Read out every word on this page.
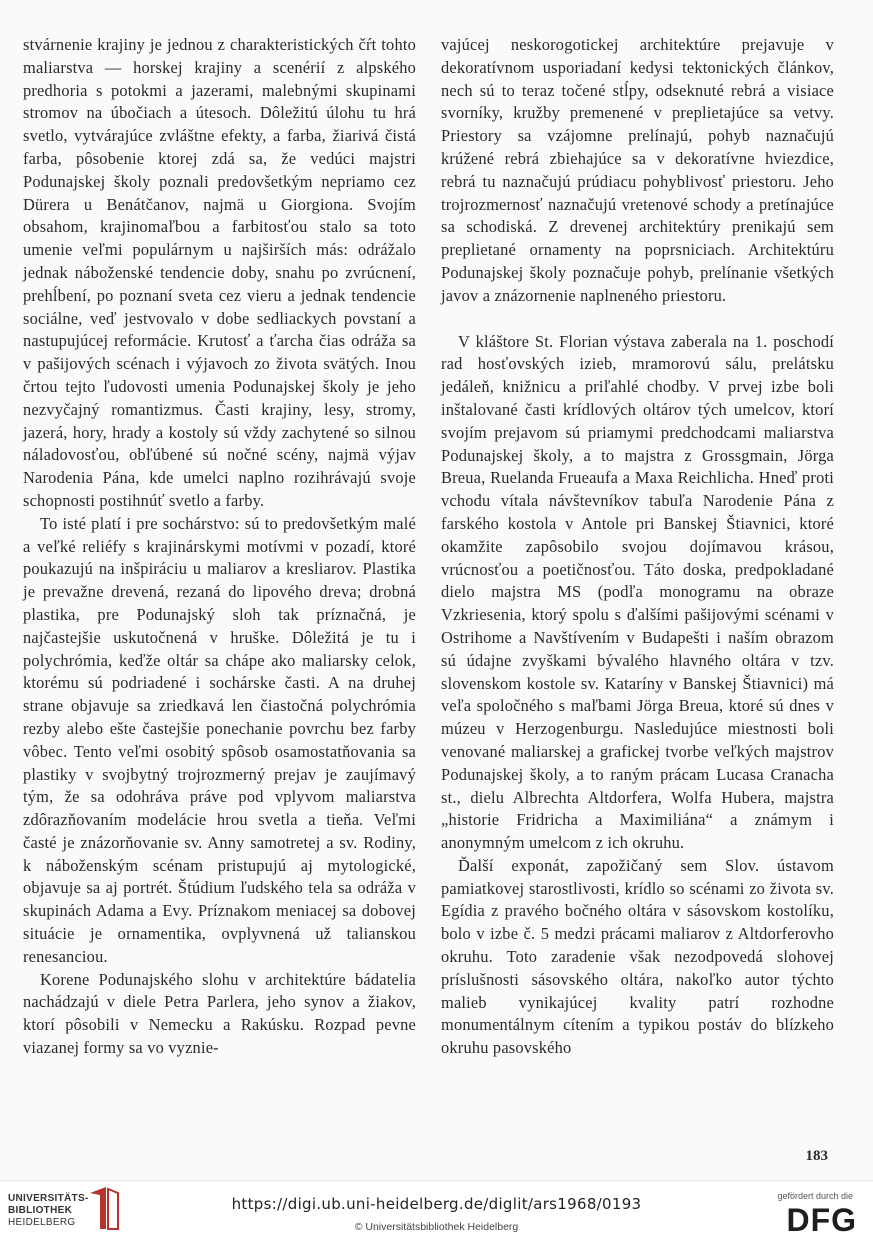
stvárnenie krajiny je jednou z charakteristických čŕt tohto maliarstva — horskej krajiny a scenérií z alpského predhoria s potokmi a jazerami, malebnými skupinami stromov na úbočiach a útesoch. Dôležitú úlohu tu hrá svetlo, vytvárajúce zvláštne efekty, a farba, žiarivá čistá farba, pôsobenie ktorej zdá sa, že vedúci majstri Podunajskej školy poznali predovšetkým nepriamo cez Dürera u Benátčanov, najmä u Giorgiona. Svojím obsahom, krajinomaľbou a farbitosťou stalo sa toto umenie veľmi populárnym u najširších más: odrážalo jednak náboženské tendencie doby, snahu po zvrúcnení, prehĺbení, po poznaní sveta cez vieru a jednak tendencie sociálne, veď jestvovalo v dobe sedliackych povstaní a nastupujúcej reformácie. Krutosť a ťarcha čias odráža sa v pašijových scénach i výjavoch zo života svätých. Inou črtou tejto ľudovosti umenia Podunajskej školy je jeho nezvyčajný romantizmus. Časti krajiny, lesy, stromy, jazerá, hory, hrady a kostoly sú vždy zachytené so silnou náladovosťou, obľúbené sú nočné scény, najmä výjav Narodenia Pána, kde umelci naplno rozihrávajú svoje schopnosti postihnúť svetlo a farby.

To isté platí i pre sochárstvo: sú to predovšetkým malé a veľké reliéfy s krajinárskymi motívmi v pozadí, ktoré poukazujú na inšpiráciu u maliarov a kresliarov. Plastika je prevažne drevená, rezaná do lipového dreva; drobná plastika, pre Podunajský sloh tak príznačná, je najčastejšie uskutočnená v hruške. Dôležitá je tu i polychrómia, keďže oltár sa chápe ako maliarsky celok, ktorému sú podriadené i sochárske časti. A na druhej strane objavuje sa zriedkavá len čiastočná polychrómia rezby alebo ešte častejšie ponechanie povrchu bez farby vôbec. Tento veľmi osobitý spôsob osamostatňovania sa plastiky v svojbytný trojrozmerný prejav je zaujímavý tým, že sa odohráva práve pod vplyvom maliarstva zdôrazňovaním modelácie hrou svetla a tieňa. Veľmi časté je znázorňovanie sv. Anny samotretej a sv. Rodiny, k náboženským scénam pristupujú aj mytologické, objavuje sa aj portrét. Štúdium ľudského tela sa odráža v skupinách Adama a Evy. Príznakom meniacej sa dobovej situácie je ornamentika, ovplyvnená už talianskou renesanciou.

Korene Podunajského slohu v architektúre bádatelia nachádzajú v diele Petra Parlera, jeho synov a žiakov, ktorí pôsobili v Nemecku a Rakúsku. Rozpad pevne viazanej formy sa vo vyznie-

vajúcej neskorogotickej architektúre prejavuje v dekoratívnom usporiadaní kedysi tektonických článkov, nech sú to teraz točené stĺpy, odseknuté rebrá a visiace svorníky, kružby premenené v preplietajúce sa vetvy. Priestory sa vzájomne prelínajú, pohyb naznačujú krúžené rebrá zbiehajúce sa v dekoratívne hviezdice, rebrá tu naznačujú prúdiacu pohyblivosť priestoru. Jeho trojrozmernosť naznačujú vretenové schody a pretínajúce sa schodiská. Z drevenej architektúry prenikajú sem preplietané ornamenty na poprsniciach. Architektúru Podunajskej školy poznačuje pohyb, prelínanie všetkých javov a znázornenie naplneného priestoru.

V kláštore St. Florian výstava zaberala na 1. poschodí rad hosťovských izieb, mramorovú sálu, prelátsku jedáleň, knižnicu a priľahlé chodby. V prvej izbe boli inštalované časti krídlových oltárov tých umelcov, ktorí svojím prejavom sú priamymi predchodcami maliarstva Podunajskej školy, a to majstra z Grossgmain, Jörga Breua, Ruelanda Frueaufa a Maxa Reichlicha. Hneď proti vchodu vítala návštevníkov tabuľa Narodenie Pána z farského kostola v Antole pri Banskej Štiavnici, ktoré okamžite zapôsobilo svojou dojímavou krásou, vrúcnosťou a poetičnosťou. Táto doska, predpokladané dielo majstra MS (podľa monogramu na obraze Vzkriesenia, ktorý spolu s ďalšími pašijovými scénami v Ostrihome a Navštívením v Budapešti i naším obrazom sú údajne zvyškami bývalého hlavného oltára v tzv. slovenskom kostole sv. Kataríny v Banskej Štiavnici) má veľa spoločného s maľbami Jörga Breua, ktoré sú dnes v múzeu v Herzogenburgu. Nasledujúce miestnosti boli venované maliarskej a grafickej tvorbe veľkých majstrov Podunajskej školy, a to raným prácam Lucasa Cranacha st., dielu Albrechta Altdorfera, Wolfa Hubera, majstra „historie Fridricha a Maximiliána“ a známym i anonymným umelcom z ich okruhu.

Ďalší exponát, zapožičaný sem Slov. ústavom pamiatkovej starostlivosti, krídlo so scénami zo života sv. Egídia z pravého bočného oltára v sásovskom kostolíku, bolo v izbe č. 5 medzi prácami maliarov z Altdorferovho okruhu. Toto zaradenie však nezodpovedá slohovej príslušnosti sásovského oltára, nakoľko autor týchto malieb vynikajúcej kvality patrí rozhodne monumentálnym cítením a typikou postáv do blízkeho okruhu pasovského

183
UNIVERSITÄTS-
BIBLIOTHEK
HEIDELBERG
https://digi.ub.uni-heidelberg.de/diglit/ars1968/0193
© Universitätsbibliothek Heidelberg
gefördert durch die
DFG
